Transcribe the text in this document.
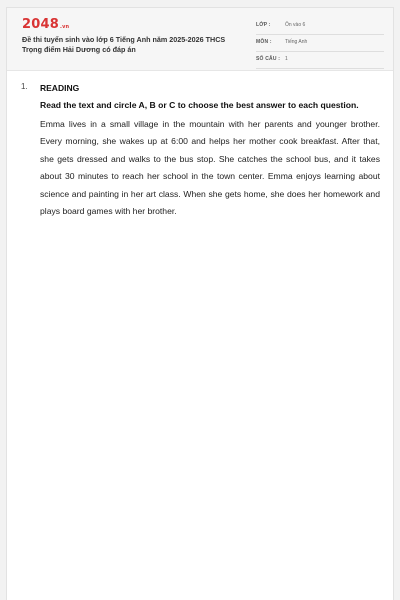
2048.vn
Đề thi tuyển sinh vào lớp 6 Tiếng Anh năm 2025-2026 THCS Trọng điểm Hải Dương có đáp án
LỚP :	Ôn vào 6
MÔN :	Tiếng Anh
SỐ CÂU : 1
1. READING
Read the text and circle A, B or C to choose the best answer to each question.
Emma lives in a small village in the mountain with her parents and younger brother. Every morning, she wakes up at 6:00 and helps her mother cook breakfast. After that, she gets dressed and walks to the bus stop. She catches the school bus, and it takes about 30 minutes to reach her school in the town center. Emma enjoys learning about science and painting in her art class. When she gets home, she does her homework and plays board games with her brother.
